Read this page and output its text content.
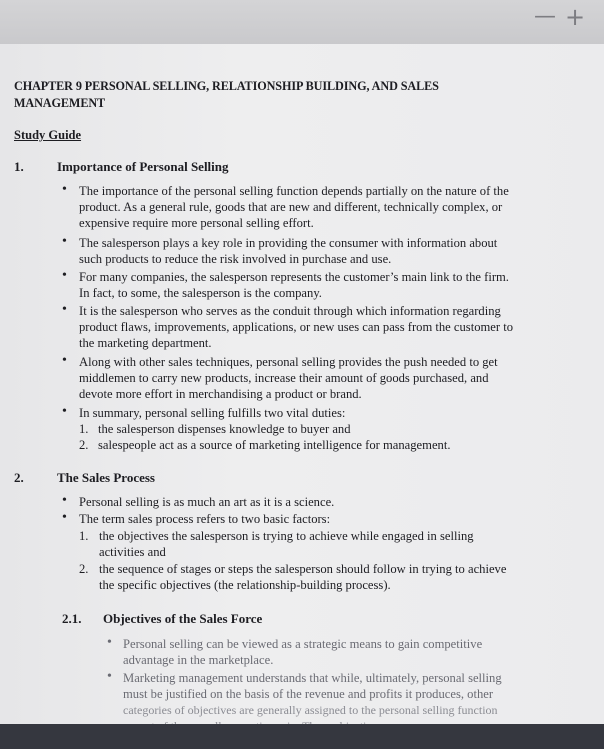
— +
CHAPTER 9 PERSONAL SELLING, RELATIONSHIP BUILDING, AND SALES
MANAGEMENT
Study Guide
1.	Importance of Personal Selling
• The importance of the personal selling function depends partially on the nature of the
product. As a general rule, goods that are new and different, technically complex, or
expensive require more personal selling effort.
• The salesperson plays a key role in providing the consumer with information about
such products to reduce the risk involved in purchase and use.
• For many companies, the salesperson represents the customer’s main link to the firm.
In fact, to some, the salesperson is the company.
• It is the salesperson who serves as the conduit through which information regarding
product flaws, improvements, applications, or new uses can pass from the customer to
the marketing department.
• Along with other sales techniques, personal selling provides the push needed to get
middlemen to carry new products, increase their amount of goods purchased, and
devote more effort in merchandising a product or brand.
• In summary, personal selling fulfills two vital duties:
1. the salesperson dispenses knowledge to buyer and
2. salespeople act as a source of marketing intelligence for management.
2.	The Sales Process
• Personal selling is as much an art as it is a science.
• The term sales process refers to two basic factors:
1. the objectives the salesperson is trying to achieve while engaged in selling
activities and
2. the sequence of stages or steps the salesperson should follow in trying to achieve
the specific objectives (the relationship-building process).
2.1. Objectives of the Sales Force
• Personal selling can be viewed as a strategic means to gain competitive
advantage in the marketplace.
• Marketing management understands that while, ultimately, personal selling
must be justified on the basis of the revenue and profits it produces, other
categories of objectives are generally assigned to the personal selling function
